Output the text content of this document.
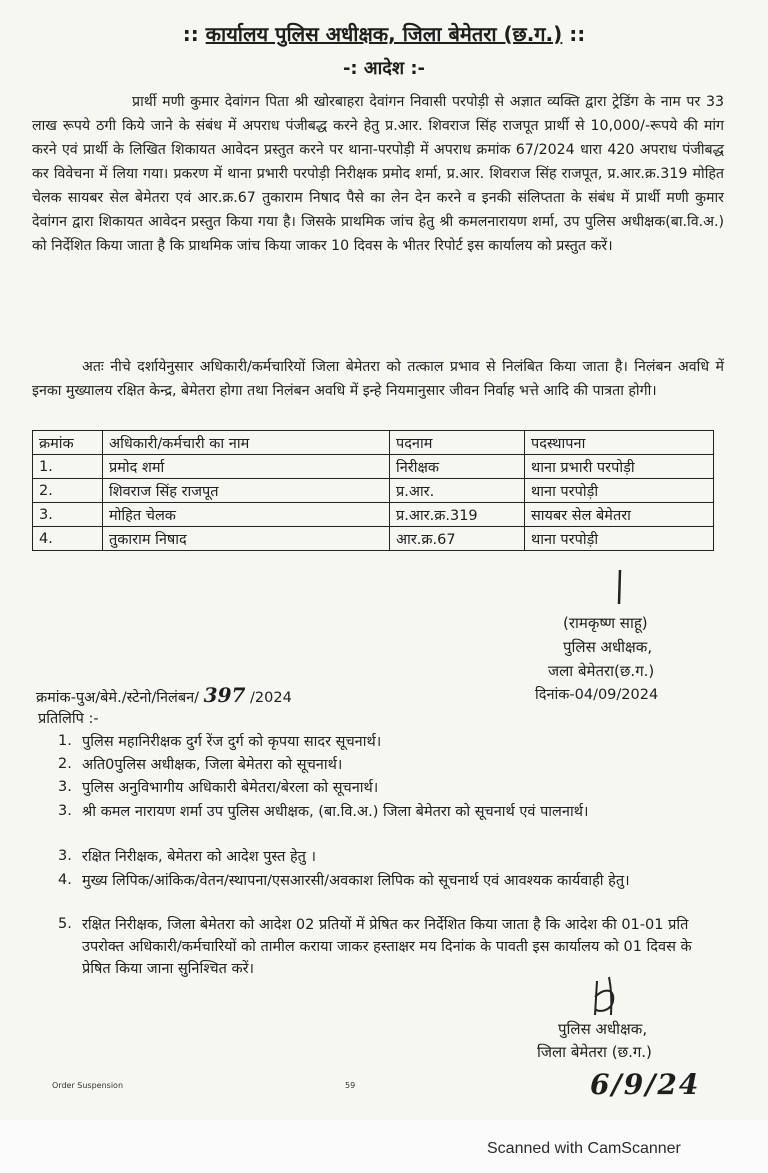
:: कार्यालय पुलिस अधीक्षक, जिला बेमेतरा (छ.ग.) ::
-: आदेश :-
प्रार्थी मणी कुमार देवांगन पिता श्री खोरबाहरा देवांगन निवासी परपोड़ी से अज्ञात व्यक्ति द्वारा ट्रेडिंग के नाम पर 33 लाख रूपये ठगी किये जाने के संबंध में अपराध पंजीबद्ध करने हेतु प्र.आर. शिवराज सिंह राजपूत प्रार्थी से 10,000/-रूपये की मांग करने एवं प्रार्थी के लिखित शिकायत आवेदन प्रस्तुत करने पर थाना-परपोड़ी में अपराध क्रमांक 67/2024 धारा 420 अपराध पंजीबद्ध कर विवेचना में लिया गया। प्रकरण में थाना प्रभारी परपोड़ी निरीक्षक प्रमोद शर्मा, प्र.आर. शिवराज सिंह राजपूत, प्र.आर.क्र.319 मोहित चेलक सायबर सेल बेमेतरा एवं आर.क्र.67 तुकाराम निषाद पैसे का लेन देन करने व इनकी संलिप्तता के संबंध में प्रार्थी मणी कुमार देवांगन द्वारा शिकायत आवेदन प्रस्तुत किया गया है। जिसके प्राथमिक जांच हेतु श्री कमलनारायण शर्मा, उप पुलिस अधीक्षक(बा.वि.अ.) को निर्देशित किया जाता है कि प्राथमिक जांच किया जाकर 10 दिवस के भीतर रिपोर्ट इस कार्यालय को प्रस्तुत करें।
अतः नीचे दर्शायेनुसार अधिकारी/कर्मचारियों जिला बेमेतरा को तत्काल प्रभाव से निलंबित किया जाता है। निलंबन अवधि में इनका मुख्यालय रक्षित केन्द्र, बेमेतरा होगा तथा निलंबन अवधि में इन्हे नियमानुसार जीवन निर्वाह भत्ते आदि की पात्रता होगी।
क्रमांक	अधिकारी/कर्मचारी का नाम	पदनाम	पदस्थापना
1.	प्रमोद शर्मा	निरीक्षक	थाना प्रभारी परपोड़ी
2.	शिवराज सिंह राजपूत	प्र.आर.	थाना परपोड़ी
3.	मोहित चेलक	प्र.आर.क्र.319	सायबर सेल बेमेतरा
4.	तुकाराम निषाद	आर.क्र.67	थाना परपोड़ी
(रामकृष्ण साहू)
पुलिस अधीक्षक,
जला बेमेतरा(छ.ग.)
क्रमांक-पुअ/बेमे./स्टेनो/निलंबन/ 397 /2024	दिनांक-04/09/2024
प्रतिलिपि :-
1. पुलिस महानिरीक्षक दुर्ग रेंज दुर्ग को कृपया सादर सूचनार्थ।
2. अति0पुलिस अधीक्षक, जिला बेमेतरा को सूचनार्थ।
3. पुलिस अनुविभागीय अधिकारी बेमेतरा/बेरला को सूचनार्थ।
3. श्री कमल नारायण शर्मा उप पुलिस अधीक्षक, (बा.वि.अ.) जिला बेमेतरा को सूचनार्थ एवं पालनार्थ।
3. रक्षित निरीक्षक, बेमेतरा को आदेश पुस्त हेतु ।
4. मुख्य लिपिक/आंकिक/वेतन/स्थापना/एसआरसी/अवकाश लिपिक को सूचनार्थ एवं आवश्यक कार्यवाही हेतु।
5. रक्षित निरीक्षक, जिला बेमेतरा को आदेश 02 प्रतियों में प्रेषित कर निर्देशित किया जाता है कि आदेश की 01-01 प्रति उपरोक्त अधिकारी/कर्मचारियों को तामील कराया जाकर हस्ताक्षर मय दिनांक के पावती इस कार्यालय को 01 दिवस के प्रेषित किया जाना सुनिश्चित करें।
पुलिस अधीक्षक,
जिला बेमेतरा (छ.ग.)
6/9/24
Order Suspension	59
Scanned with CamScanner
